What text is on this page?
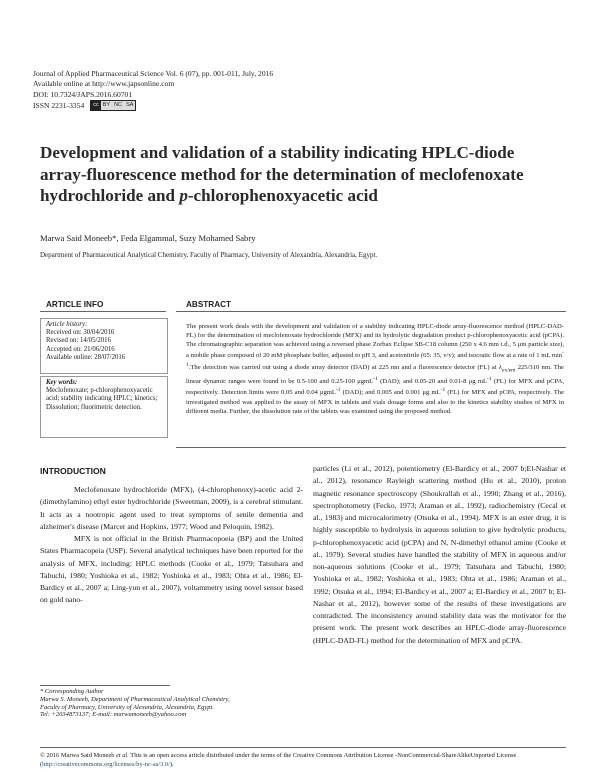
Journal of Applied Pharmaceutical Science Vol. 6 (07), pp. 001-011, July, 2016
Available online at http://www.japsonline.com
DOI: 10.7324/JAPS.2016.60701
ISSN 2231-3354	cc BY NC SA
Development and validation of a stability indicating HPLC-diode array-fluorescence method for the determination of meclofenoxate hydrochloride and p-chlorophenoxyacetic acid
Marwa Said Moneeb*, Feda Elgammal, Suzy Mohamed Sabry
Department of Pharmaceutical Analytical Chemistry, Faculty of Pharmacy, University of Alexandria, Alexandria, Egypt.
ARTICLE INFO
Article history:
Received on: 30/04/2016
Revised on: 14/05/2016
Accepted on: 21/06/2016
Available online: 28/07/2016
Key words:
Meclofenoxate; p-chlorophenoxyacetic acid; stability indicating HPLC; kinetics; Dissolution; fluorimetric detection.
ABSTRACT
The present work deals with the development and validation of a stability indicating HPLC-diode array-fluorescence method (HPLC-DAD-FL) for the determination of meclofenoxate hydrochloride (MFX) and its hydrolytic degradation product p-chlorophenoxyacetic acid (pCPA). The chromatographic separation was achieved using a reversed phase Zorbax Eclipse SB-C18 column (250 x 4.6 mm i.d., 5 μm particle size), a mobile phase composed of 20 mM phosphate buffer, adjusted to pH 3, and acetonitrile (65: 35, v/v); and isocratic flow at a rate of 1 mL $\min^{-1}.The$ detection was carried out using a diode array detector (DAD) at 225 nm and a fluorescence detector (FL) at $\lambda_{ex/em}$ 225/310 nm. The linear dynamic ranges were found to be 0.5-100 and 0.25-100 μgmL$^{-1}$ (DAD); and 0.05-20 and 0.01-8 μg $mL^{-1}$ (FL) for MFX and pCPA, respectively. Detection limits were 0.05 and 0.04 μgmL$^{-1}$ (DAD); and 0.005 and 0.001 μg $mL^{-1}$ (FL) for MFX and pCPA, respectively. The investigated method was applied to the assay of MFX in tablets and vials dosage forms and also to the kinetics stability studies of MFX in different media. Further, the dissolution rate of the tablets was examined using the proposed method.
INTRODUCTION

Meclofenoxate hydrochloride (MFX), (4-chlorophenoxy)-acetic acid 2-(dimethylamino) ethyl ester hydrochloride (Sweetman, 2009), is a cerebral stimulant. It acts as a nootropic agent used to treat symptoms of senile dementia and alzheimer's disease (Marcer and Hopkins, 1977; Wood and Peloquin, 1982).

MFX is not official in the British Pharmacopoeia (BP) and the United States Pharmacopeia (USP). Several analytical techniques have been reported for the analysis of MFX, including: HPLC methods (Cooke et al., 1979; Tatsuhara and Tabuchi, 1980; Yoshioka et al., 1982; Yoshioka et al., 1983; Ohta et al., 1986; El-Bardicy et al., 2007 a; Ling-yun et al., 2007), voltammetry using novel sensor based on gold nano-

particles (Li et al., 2012), potentiometry (El-Bardicy et al., 2007 b;El-Nashar et al., 2012), resonance Rayleigh scattering method (Hu et al., 2010), proton magnetic resonance spectroscopy (Shoukrallah et al., 1990; Zhang et al., 2016), spectrophotometry (Fecko, 1973; Araman et al., 1992), radiochemistry (Cecal et al., 1983) and microcalorimetry (Otsuka et al., 1994). MFX is an ester drug, it is highly susceptible to hydrolysis in aqueous solution to give hydrolytic products, p-chlorophenoxyacetic acid (pCPA) and N, N-dimethyl ethanol amine (Cooke et al., 1979). Several studies have handled the stability of MFX in aqueous and/or non-aqueous solutions (Cooke et al., 1979; Tatsuhara and Tabuchi, 1980; Yoshioka et al., 1982; Yoshioka et al., 1983; Ohta et al., 1986; Araman et al., 1992; Otsuka et al., 1994; El-Bardicy et al., 2007 a; El-Bardicy et al., 2007 b; El-Nashar et al., 2012), however some of the results of these investigations are contradicted. The inconsistency around stability data was the motivator for the present work. The present work describes an HPLC-diode array-fluorescence (HPLC-DAD-FL) method for the determination of MFX and pCPA.

* Corresponding Author
Marwa S. Moneeb, Department of Pharmaceutical Analytical Chemistry,
Faculty of Pharmacy, University of Alexandria, Alexandria, Egypt.
Tel: +2034873137; E-mail: marwamoneeb@yahoo.com
© 2016 Marwa Said Moneeb et al. This is an open access article distributed under the terms of the Creative Commons Attribution License -NonCommercial-ShareAlikeUnported License (http://creativecommons.org/licenses/by-nc-sa/3.0/).
